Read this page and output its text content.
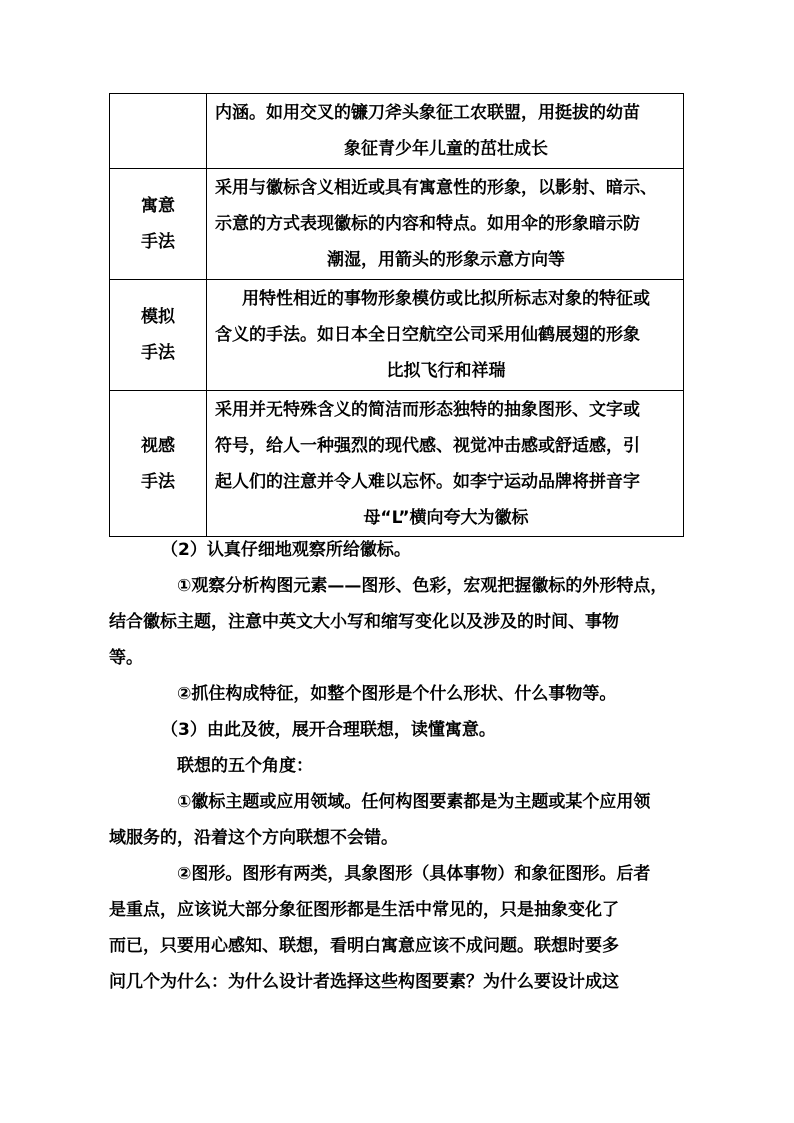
	内涵。如用交叉的镰刀斧头象征工农联盟，用挺拔的幼苗
象征青少年儿童的茁壮成长

寓意
手法	采用与徽标含义相近或具有寓意性的形象，以影射、暗示、
示意的方式表现徽标的内容和特点。如用伞的形象暗示防
潮湿，用箭头的形象示意方向等

模拟
手法	用特性相近的事物形象模仿或比拟所标志对象的特征或
含义的手法。如日本全日空航空公司采用仙鹤展翅的形象
比拟飞行和祥瑞

视感
手法	采用并无特殊含义的简洁而形态独特的抽象图形、文字或
符号，给人一种强烈的现代感、视觉冲击感或舒适感，引
起人们的注意并令人难以忘怀。如李宁运动品牌将拼音字
母“L”横向夸大为徽标
（2）认真仔细地观察所给徽标。
①观察分析构图元素——图形、色彩，宏观把握徽标的外形特点，
结合徽标主题，注意中英文大小写和缩写变化以及涉及的时间、事物
等。
②抓住构成特征，如整个图形是个什么形状、什么事物等。
（3）由此及彼，展开合理联想，读懂寓意。
联想的五个角度：
①徽标主题或应用领域。任何构图要素都是为主题或某个应用领
域服务的，沿着这个方向联想不会错。
②图形。图形有两类，具象图形（具体事物）和象征图形。后者
是重点，应该说大部分象征图形都是生活中常见的，只是抽象变化了
而已，只要用心感知、联想，看明白寓意应该不成问题。联想时要多
问几个为什么：为什么设计者选择这些构图要素？为什么要设计成这
